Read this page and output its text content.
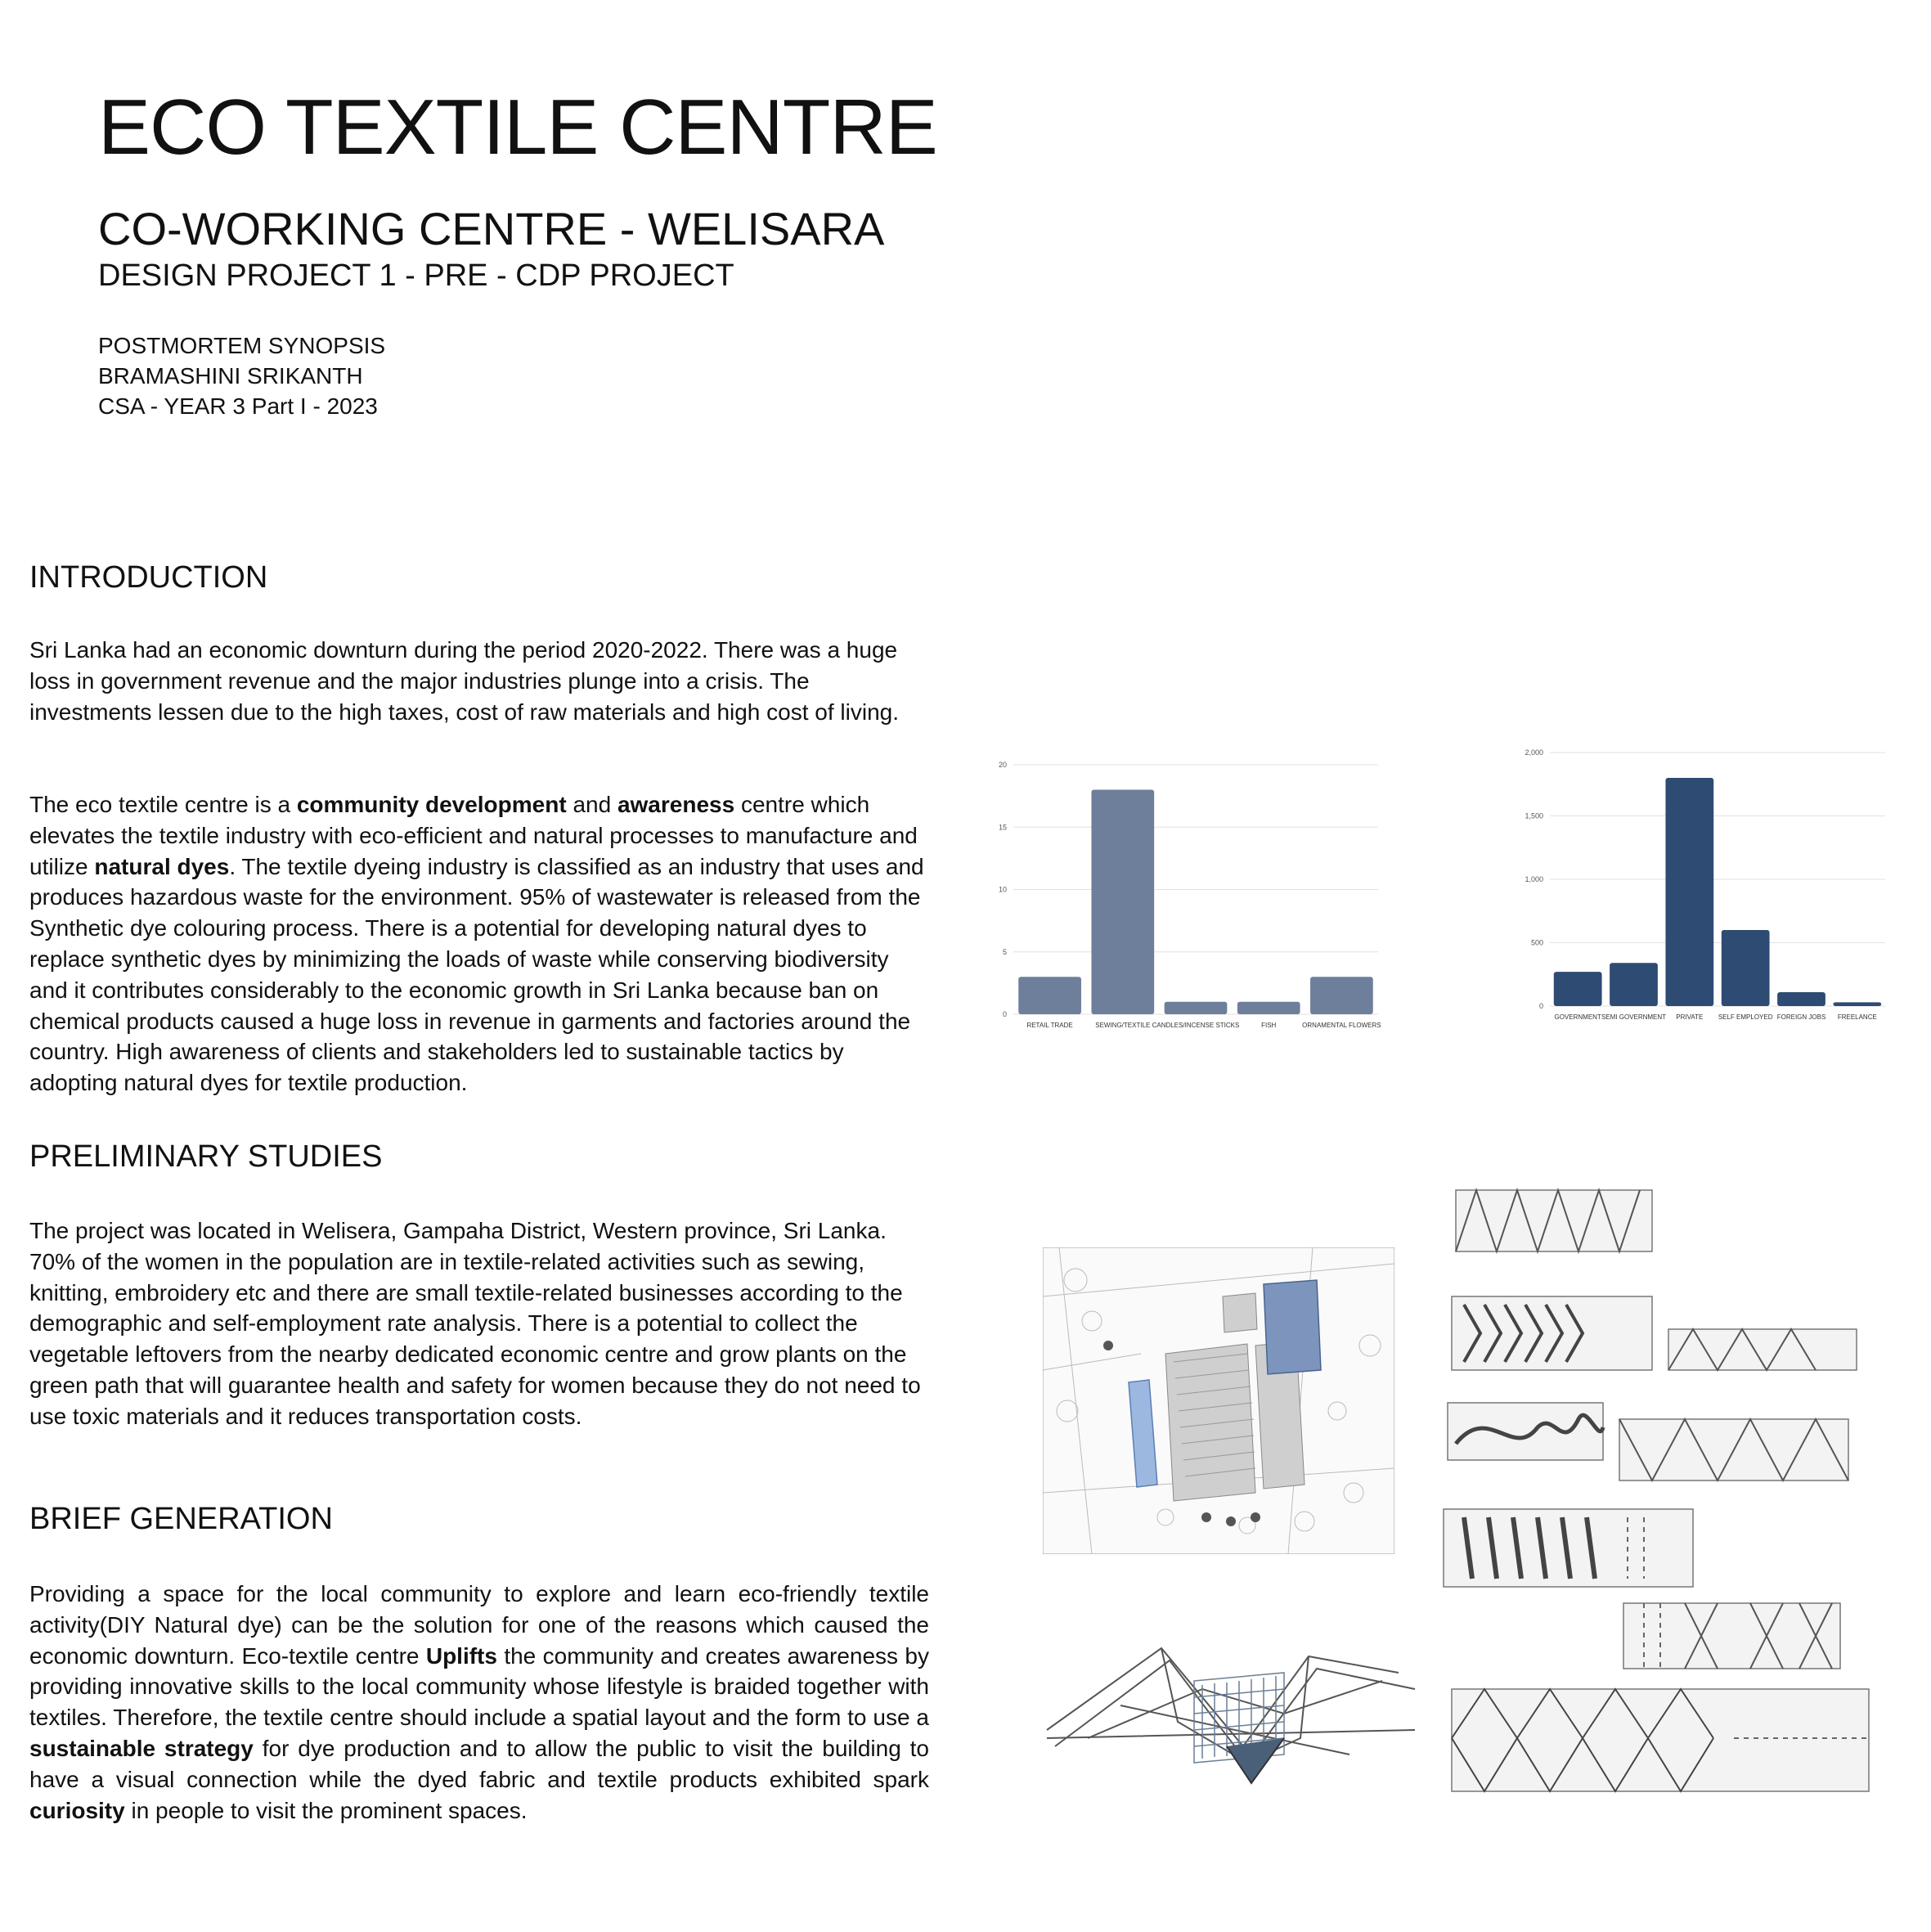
ECO TEXTILE CENTRE
CO-WORKING CENTRE - WELISARA
DESIGN PROJECT 1 - PRE - CDP PROJECT
POSTMORTEM SYNOPSIS
BRAMASHINI SRIKANTH
CSA - YEAR 3 Part I - 2023
INTRODUCTION
Sri Lanka had an economic downturn during the period 2020-2022. There was a huge loss in government revenue and the major industries plunge into a crisis. The investments lessen due to the high taxes, cost of raw materials and high cost of living.
The eco textile centre is a community development and awareness centre which elevates the textile industry with eco-efficient and natural processes to manufacture and utilize natural dyes. The textile dyeing industry is classified as an industry that uses and produces hazardous waste for the environment. 95% of wastewater is released from the Synthetic dye colouring process. There is a potential for developing natural dyes to replace synthetic dyes by minimizing the loads of waste while conserving biodiversity and it contributes considerably to the economic growth in Sri Lanka because ban on chemical products caused a huge loss in revenue in garments and factories around the country. High awareness of clients and stakeholders led to sustainable tactics by adopting natural dyes for textile production.
PRELIMINARY STUDIES
The project was located in Welisera, Gampaha District, Western province, Sri Lanka. 70% of the women in the population are in textile-related activities such as sewing, knitting, embroidery etc and there are small textile-related businesses according to the demographic and self-employment rate analysis. There is a potential to collect the vegetable leftovers from the nearby dedicated economic centre and grow plants on the green path that will guarantee health and safety for women because they do not need to use toxic materials and it reduces transportation costs.
BRIEF GENERATION
Providing a space for the local community to explore and learn eco-friendly textile activity(DIY Natural dye) can be the solution for one of the reasons which caused the economic downturn. Eco-textile centre Uplifts the community and creates awareness by providing innovative skills to the local community whose lifestyle is braided together with textiles. Therefore, the textile centre should include a spatial layout and the form to use a sustainable strategy for dye production and to allow the public to visit the building to have a visual connection while the dyed fabric and textile products exhibited spark curiosity in people to visit the prominent spaces.
0
5
10
15
20
RETAIL TRADE	SEWING/TEXTILE CANDLES/INCENSE STICKS	FISH	ORNAMENTAL FLOWERS
0
500
1,000
1,500
2,000
GOVERNMENT SEMI GOVERNMENT PRIVATE SELF EMPLOYED FOREIGN JOBS FREELANCE
